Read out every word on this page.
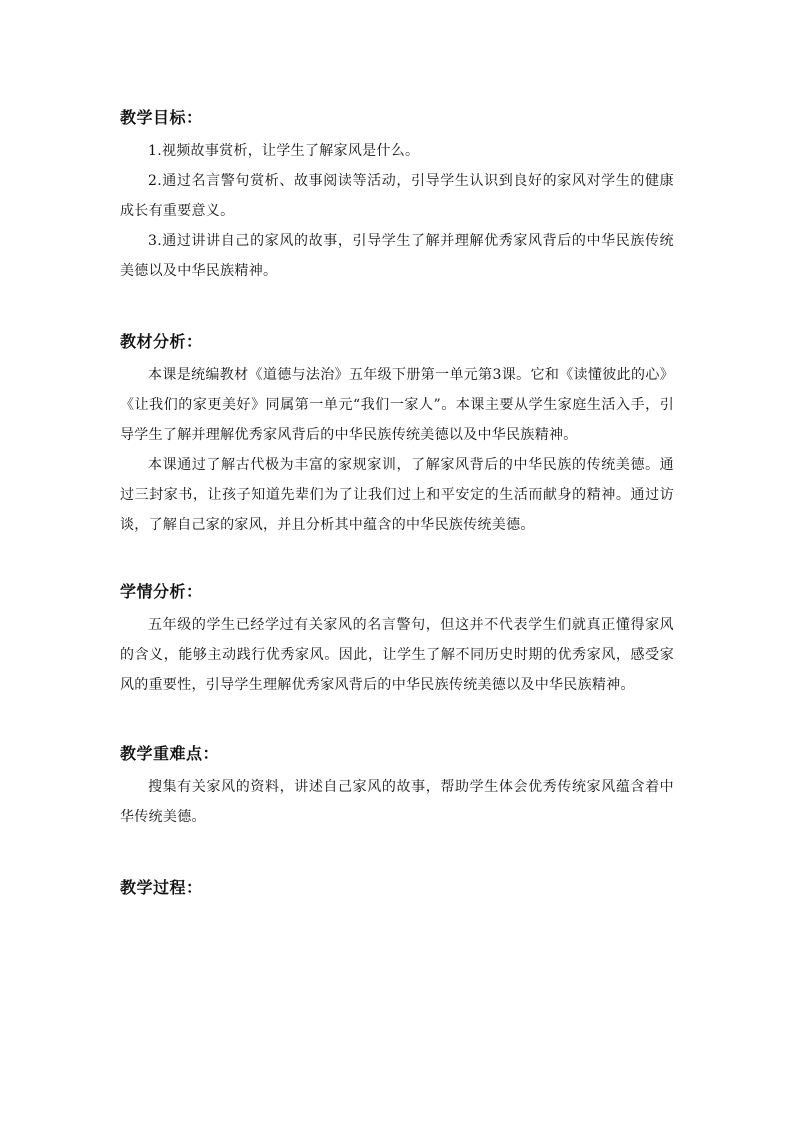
教学目标：

1.视频故事赏析，让学生了解家风是什么。

2.通过名言警句赏析、故事阅读等活动，引导学生认识到良好的家风对学生的健康成长有重要意义。

3.通过讲讲自己的家风的故事，引导学生了解并理解优秀家风背后的中华民族传统美德以及中华民族精神。

教材分析：

本课是统编教材《道德与法治》五年级下册第一单元第3课。它和《读懂彼此的心》《让我们的家更美好》同属第一单元“我们一家人”。本课主要从学生家庭生活入手，引导学生了解并理解优秀家风背后的中华民族传统美德以及中华民族精神。

本课通过了解古代极为丰富的家规家训，了解家风背后的中华民族的传统美德。通过三封家书，让孩子知道先辈们为了让我们过上和平安定的生活而献身的精神。通过访谈，了解自己家的家风，并且分析其中蕴含的中华民族传统美德。

学情分析：

五年级的学生已经学过有关家风的名言警句，但这并不代表学生们就真正懂得家风的含义，能够主动践行优秀家风。因此，让学生了解不同历史时期的优秀家风，感受家风的重要性，引导学生理解优秀家风背后的中华民族传统美德以及中华民族精神。

教学重难点：

搜集有关家风的资料，讲述自己家风的故事，帮助学生体会优秀传统家风蕴含着中华传统美德。

教学过程：
